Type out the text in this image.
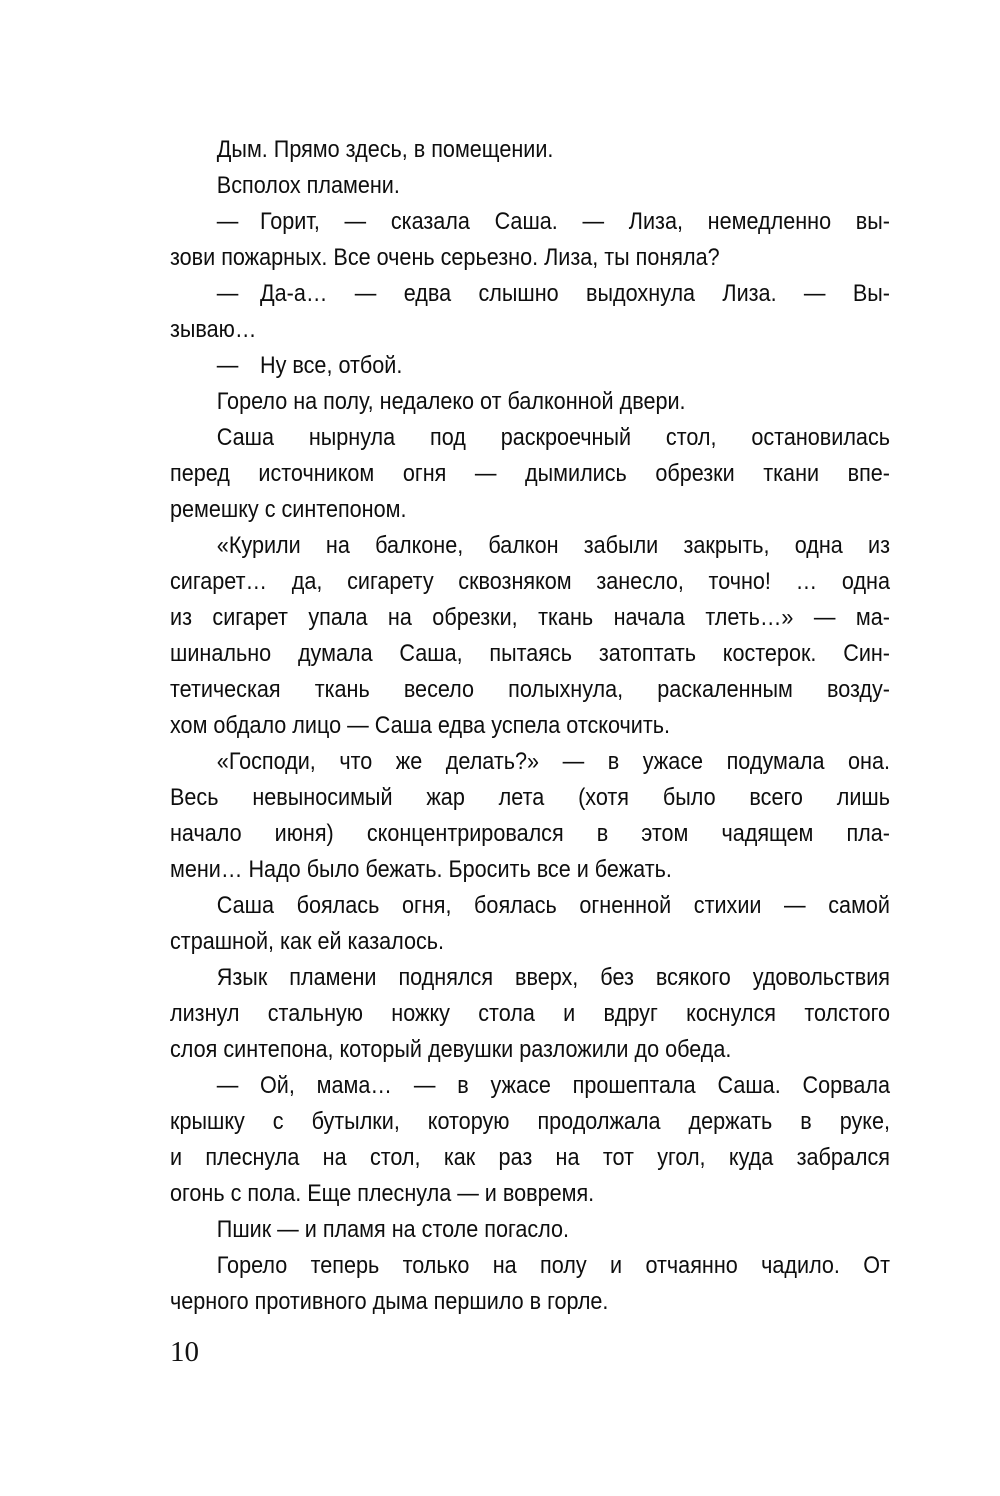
Дым. Прямо здесь, в помещении.
Всполох пламени.
— Горит, — сказала Саша. — Лиза, немедленно вы-
зови пожарных. Все очень серьезно. Лиза, ты поняла?
— Да-а… — едва слышно выдохнула Лиза. — Вы-
зываю…
— Ну все, отбой.
Горело на полу, недалеко от балконной двери.
Саша нырнула под раскроечный стол, остановилась
перед источником огня — дымились обрезки ткани впе-
ремешку с синтепоном.
«Курили на балконе, балкон забыли закрыть, одна из
сигарет… да, сигарету сквозняком занесло, точно! … одна
из сигарет упала на обрезки, ткань начала тлеть…» — ма-
шинально думала Саша, пытаясь затоптать костерок. Син-
тетическая ткань весело полыхнула, раскаленным возду-
хом обдало лицо — Саша едва успела отскочить.
«Господи, что же делать?» — в ужасе подумала она.
Весь невыносимый жар лета (хотя было всего лишь
начало июня) сконцентрировался в этом чадящем пла-
мени… Надо было бежать. Бросить все и бежать.
Саша боялась огня, боялась огненной стихии — самой
страшной, как ей казалось.
Язык пламени поднялся вверх, без всякого удовольствия
лизнул стальную ножку стола и вдруг коснулся толстого
слоя синтепона, который девушки разложили до обеда.
— Ой, мама… — в ужасе прошептала Саша. Сорвала
крышку с бутылки, которую продолжала держать в руке,
и плеснула на стол, как раз на тот угол, куда забрался
огонь с пола. Еще плеснула — и вовремя.
Пшик — и пламя на столе погасло.
Горело теперь только на полу и отчаянно чадило. От
черного противного дыма першило в горле.
10
